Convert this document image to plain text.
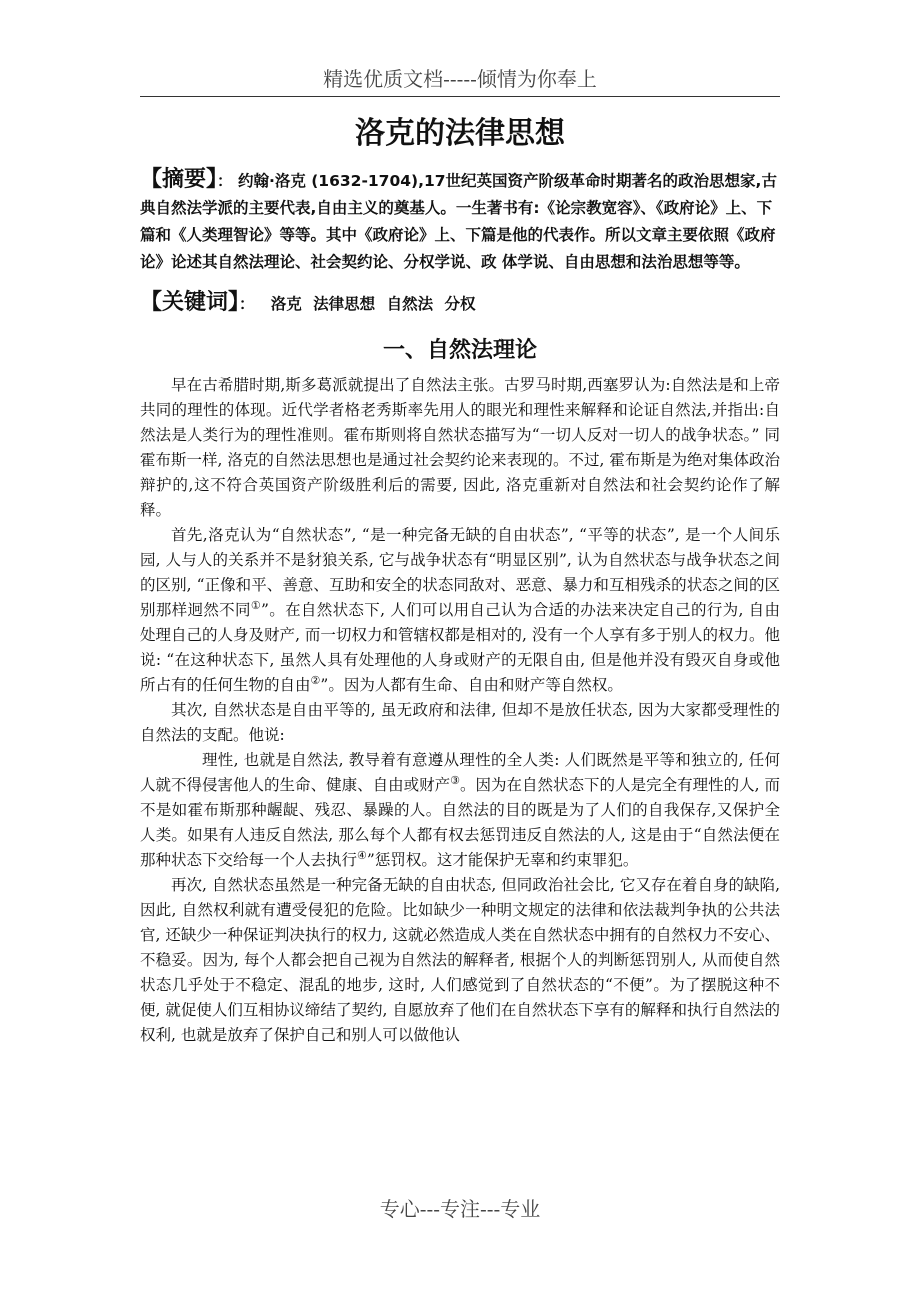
精选优质文档-----倾情为你奉上
洛克的法律思想

【摘要】： 约翰·洛克 (1632-1704),17世纪英国资产阶级革命时期著名的政治思想家,古典自然法学派的主要代表,自由主义的奠基人。一生著书有:《论宗教宽容》、《政府论》上、下篇和《人类理智论》等等。其中《政府论》上、下篇是他的代表作。所以文章主要依照《政府论》论述其自然法理论、社会契约论、分权学说、政 体学说、自由思想和法治思想等等。

【关键词】： 洛克 法律思想 自然法 分权

一、自然法理论

早在古希腊时期,斯多葛派就提出了自然法主张。古罗马时期,西塞罗认为:自然法是和上帝共同的理性的体现。近代学者格老秀斯率先用人的眼光和理性来解释和论证自然法,并指出:自然法是人类行为的理性准则。霍布斯则将自然状态描写为“一切人反对一切人的战争状态。” 同霍布斯一样, 洛克的自然法思想也是通过社会契约论来表现的。不过, 霍布斯是为绝对集体政治辩护的,这不符合英国资产阶级胜利后的需要, 因此, 洛克重新对自然法和社会契约论作了解释。

首先,洛克认为“自然状态”, “是一种完备无缺的自由状态”, “平等的状态”, 是一个人间乐园, 人与人的关系并不是豺狼关系, 它与战争状态有“明显区别”, 认为自然状态与战争状态之间的区别, “正像和平、善意、互助和安全的状态同敌对、恶意、暴力和互相残杀的状态之间的区别那样迥然不同①”。在自然状态下, 人们可以用自己认为合适的办法来决定自己的行为, 自由处理自己的人身及财产, 而一切权力和管辖权都是相对的, 没有一个人享有多于别人的权力。他说: “在这种状态下, 虽然人具有处理他的人身或财产的无限自由, 但是他并没有毁灭自身或他所占有的任何生物的自由②”。因为人都有生命、自由和财产等自然权。

其次, 自然状态是自由平等的, 虽无政府和法律, 但却不是放任状态, 因为大家都受理性的自然法的支配。他说:

理性, 也就是自然法, 教导着有意遵从理性的全人类: 人们既然是平等和独立的, 任何人就不得侵害他人的生命、健康、自由或财产③。因为在自然状态下的人是完全有理性的人, 而不是如霍布斯那种龌龊、残忍、暴躁的人。自然法的目的既是为了人们的自我保存,又保护全人类。如果有人违反自然法, 那么每个人都有权去惩罚违反自然法的人, 这是由于“自然法便在那种状态下交给每一个人去执行④”惩罚权。这才能保护无辜和约束罪犯。

再次, 自然状态虽然是一种完备无缺的自由状态, 但同政治社会比, 它又存在着自身的缺陷, 因此, 自然权利就有遭受侵犯的危险。比如缺少一种明文规定的法律和依法裁判争执的公共法官, 还缺少一种保证判决执行的权力, 这就必然造成人类在自然状态中拥有的自然权力不安心、不稳妥。因为, 每个人都会把自己视为自然法的解释者, 根据个人的判断惩罚别人, 从而使自然状态几乎处于不稳定、混乱的地步, 这时, 人们感觉到了自然状态的“不便”。为了摆脱这种不便, 就促使人们互相协议缔结了契约, 自愿放弃了他们在自然状态下享有的解释和执行自然法的权利, 也就是放弃了保护自己和别人可以做他认

专心---专注---专业
